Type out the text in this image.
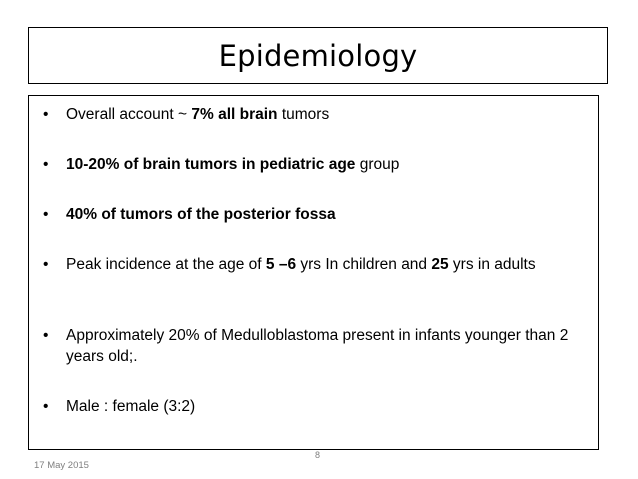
Epidemiology
•	Overall account ~ 7% all brain tumors
•	10-20% of brain tumors in pediatric age group
•	40% of tumors of the posterior fossa
•	Peak incidence at the age of 5 –6 yrs In children and 25 yrs in adults
•	Approximately 20% of Medulloblastoma present in infants younger than 2 years old;.
•	Male : female (3:2)
8
17 May 2015
